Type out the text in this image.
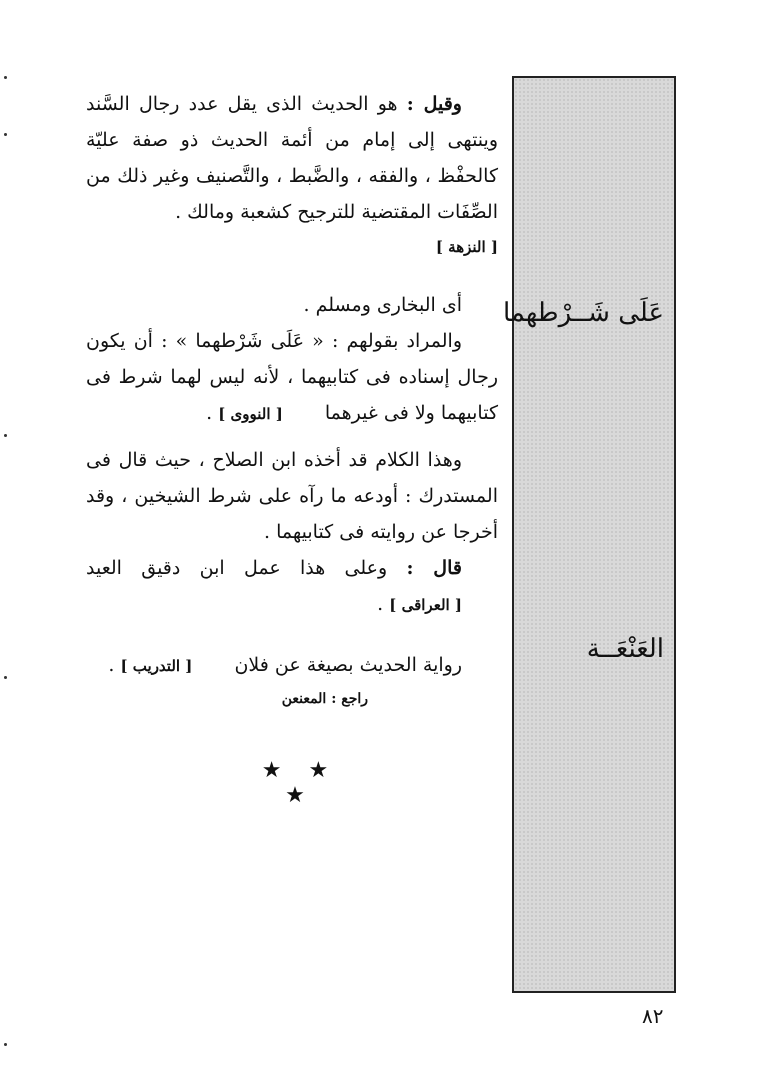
عَلَى شَــرْطهما
العَنْعَــة

وقيل : هو الحديث الذى يقل عدد رجال السَّند وينتهى إلى إمام من أئمة الحديث ذو صفة عليّة كالحفْظ ، والفقه ، والضَّبط ، والتَّصنيف وغير ذلك من الصِّفَات المقتضية للترجيح كشعبة ومالك .

[ النزهة ]

أى البخارى ومسلم .

والمراد بقولهم : « عَلَى شَرْطهما » : أن يكون رجال إسناده فى كتابيهما ، لأنه ليس لهما شرط فى كتابيهما ولا فى غيرهما [ النووى ] .

وهذا الكلام قد أخذه ابن الصلاح ، حيث قال فى المستدرك : أودعه ما رآه على شرط الشيخين ، وقد أخرجا عن روايته فى كتابيهما .

قال : وعلى هذا عمل ابن دقيق العيد [ العراقى ] .

رواية الحديث بصيغة عن فلان [ التدريب ] .

راجع : المعنعن

★ ★ ★
٨٢
